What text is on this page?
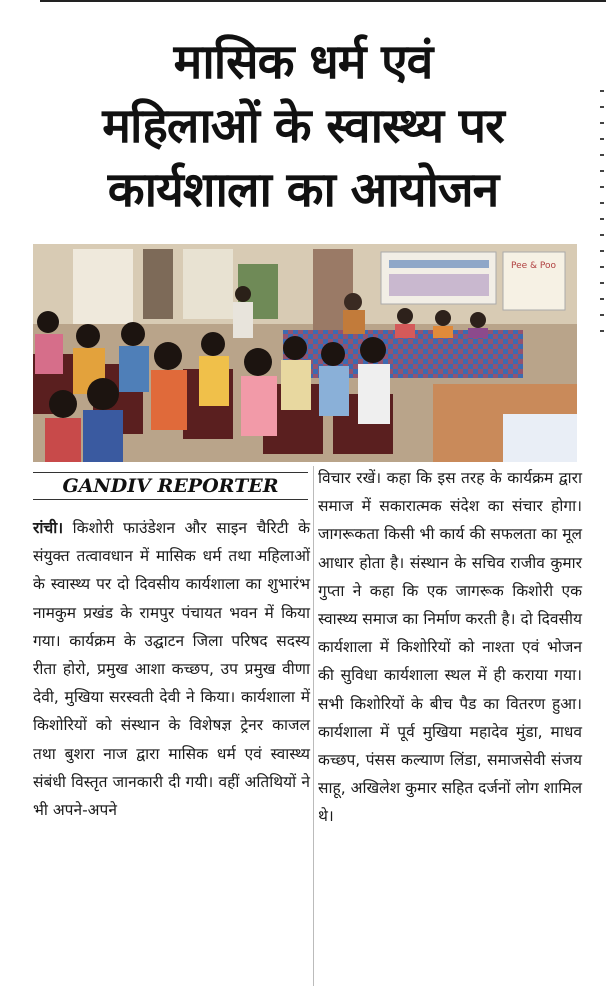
मासिक धर्म एवं
महिलाओं के स्वास्थ्य पर
कार्यशाला का आयोजन
Pee & Poo
GANDIV REPORTER
रांची। किशोरी फाउंडेशन और साइन चैरिटी के संयुक्त तत्वावधान में मासिक धर्म तथा महिलाओं के स्वास्थ्य पर दो दिवसीय कार्यशाला का शुभारंभ नामकुम प्रखंड के रामपुर पंचायत भवन में किया गया। कार्यक्रम के उद्घाटन जिला परिषद सदस्य रीता होरो, प्रमुख आशा कच्छप, उप प्रमुख वीणा देवी, मुखिया सरस्वती देवी ने किया। कार्यशाला में किशोरियों को संस्थान के विशेषज्ञ ट्रेनर काजल तथा बुशरा नाज द्वारा मासिक धर्म एवं स्वास्थ्य संबंधी विस्तृत जानकारी दी गयी। वहीं अतिथियों ने भी अपने-अपने
विचार रखें। कहा कि इस तरह के कार्यक्रम द्वारा समाज में सकारात्मक संदेश का संचार होगा। जागरूकता किसी भी कार्य की सफलता का मूल आधार होता है। संस्थान के सचिव राजीव कुमार गुप्ता ने कहा कि एक जागरूक किशोरी एक स्वास्थ्य समाज का निर्माण करती है। दो दिवसीय कार्यशाला में किशोरियों को नाश्ता एवं भोजन की सुविधा कार्यशाला स्थल में ही कराया गया। सभी किशोरियों के बीच पैड का वितरण हुआ। कार्यशाला में पूर्व मुखिया महादेव मुंडा, माधव कच्छप, पंसस कल्याण लिंडा, समाजसेवी संजय साहू, अखिलेश कुमार सहित दर्जनों लोग शामिल थे।
